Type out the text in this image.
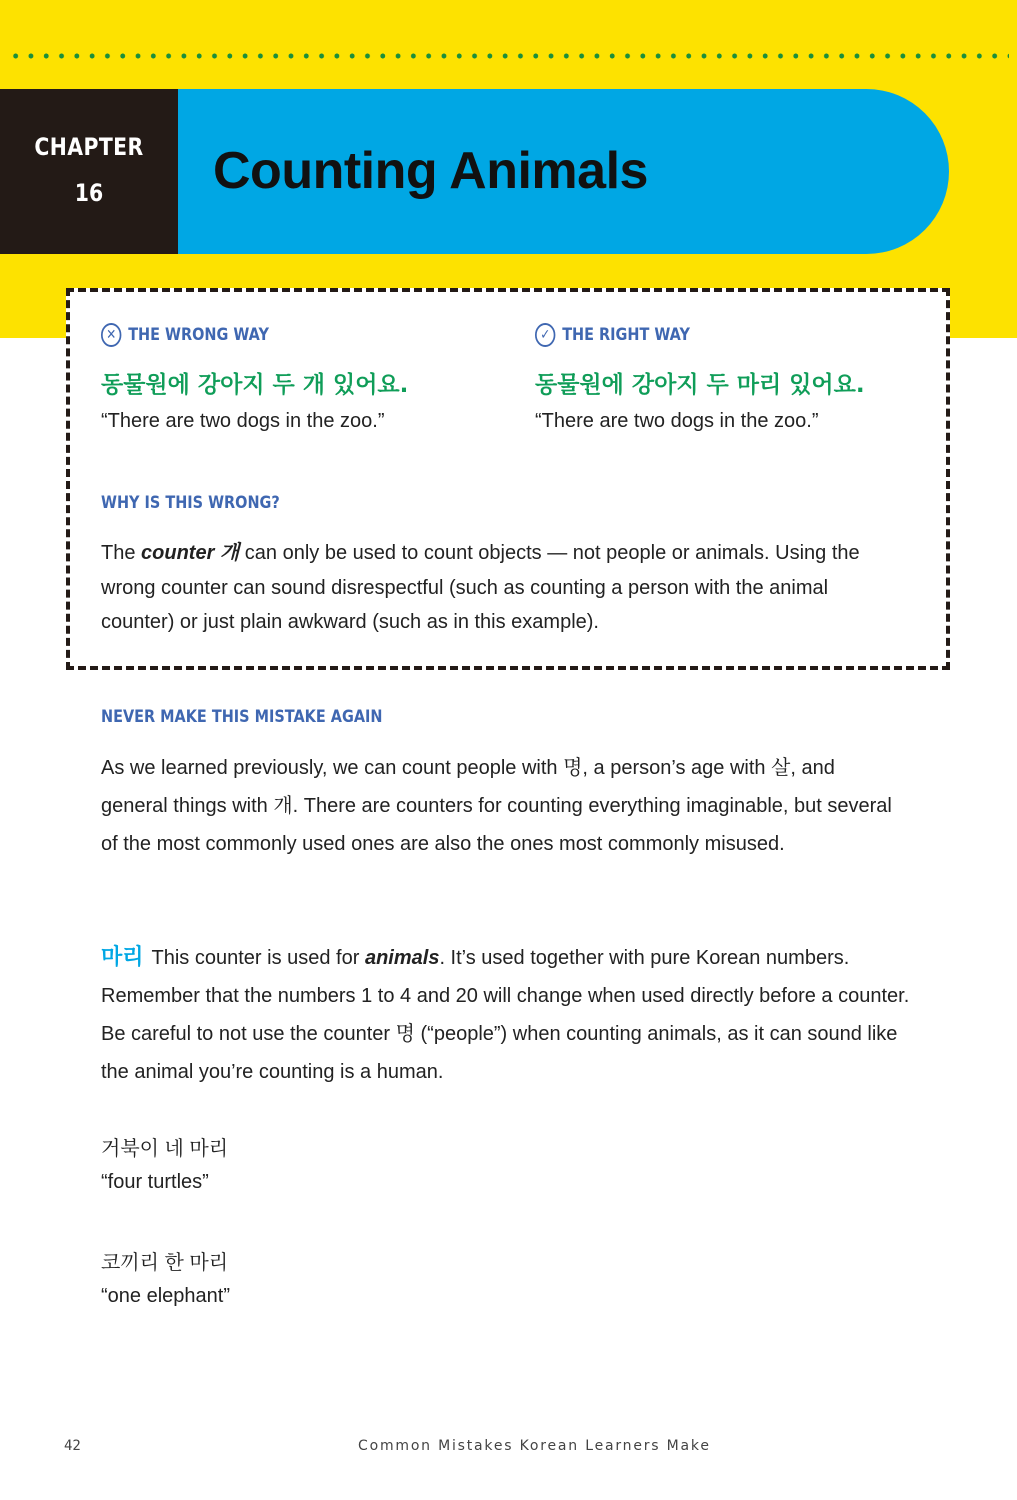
CHAPTER
16	Counting Animals
✕ THE WRONG WAY
동물원에 강아지 두 개 있어요.
“There are two dogs in the zoo.”
✓ THE RIGHT WAY
동물원에 강아지 두 마리 있어요.
“There are two dogs in the zoo.”
WHY IS THIS WRONG?
The counter 개 can only be used to count objects — not people or animals. Using the wrong counter can sound disrespectful (such as counting a person with the animal counter) or just plain awkward (such as in this example).
NEVER MAKE THIS MISTAKE AGAIN
As we learned previously, we can count people with 명, a person’s age with 살, and general things with 개. There are counters for counting everything imaginable, but several of the most commonly used ones are also the ones most commonly misused.
마리 This counter is used for animals. It’s used together with pure Korean numbers. Remember that the numbers 1 to 4 and 20 will change when used directly before a counter. Be careful to not use the counter 명 (“people”) when counting animals, as it can sound like the animal you’re counting is a human.
거북이 네 마리
“four turtles”
코끼리 한 마리
“one elephant”
42	Common Mistakes Korean Learners Make
